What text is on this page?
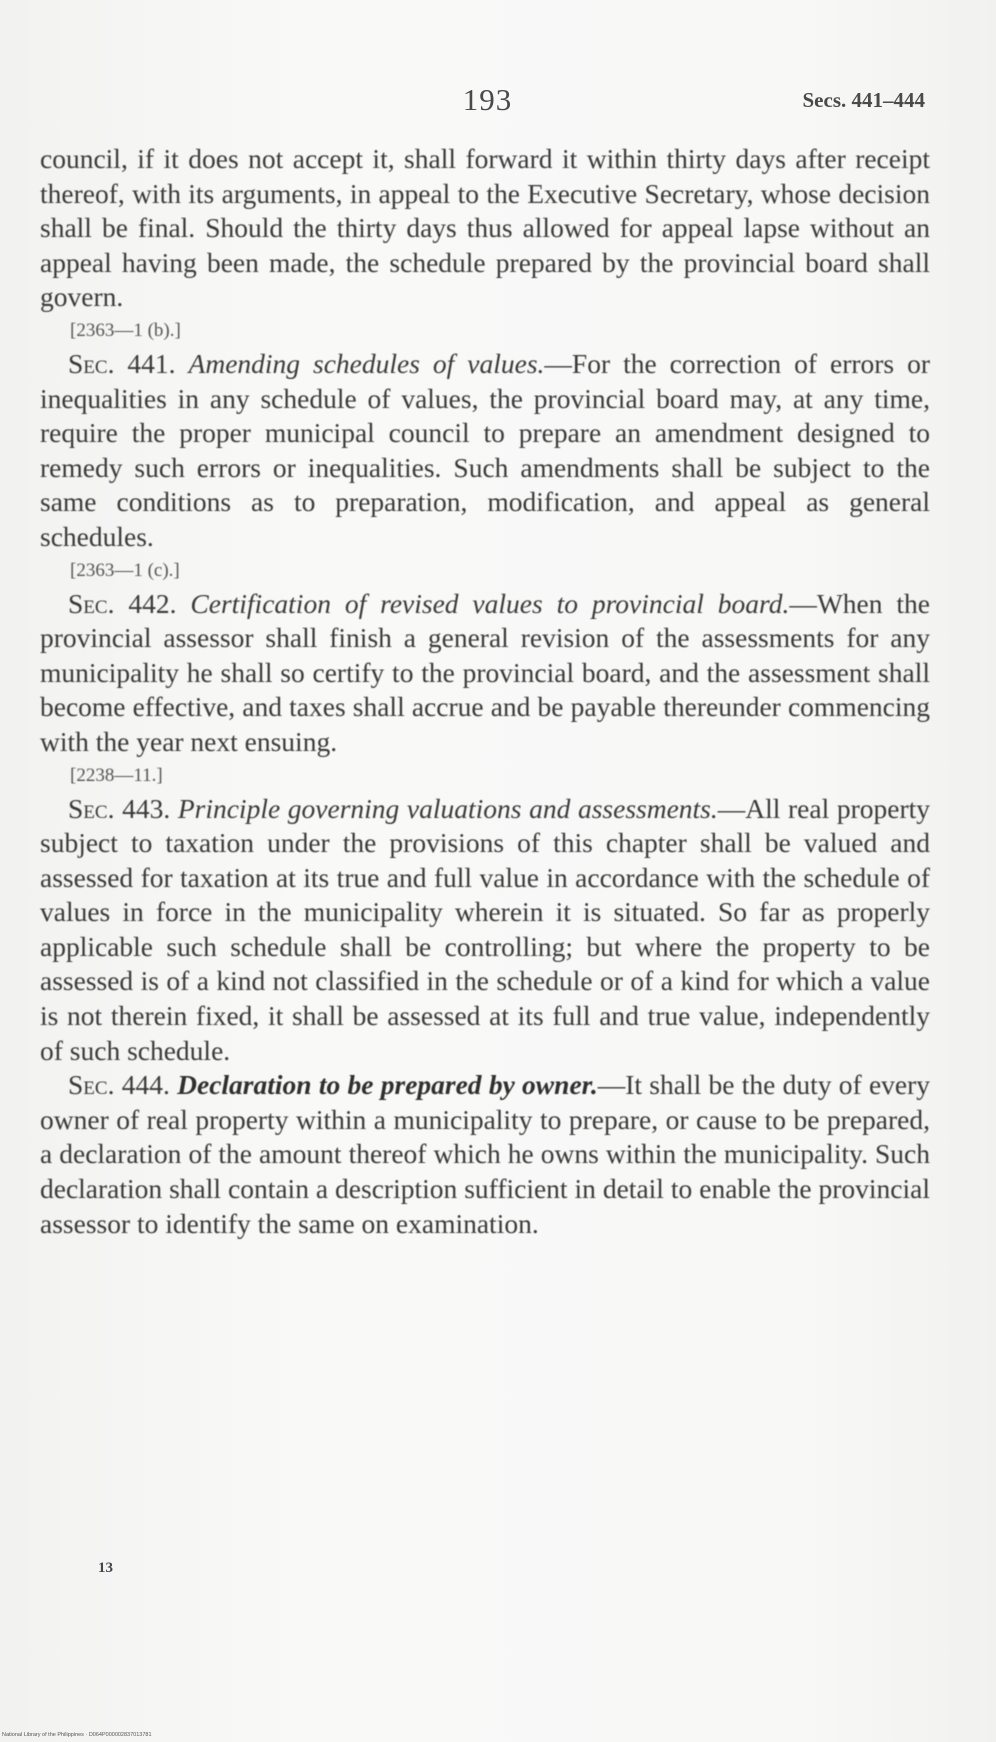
193	Secs. 441–444

council, if it does not accept it, shall forward it within thirty days after receipt thereof, with its arguments, in appeal to the Executive Secretary, whose decision shall be final. Should the thirty days thus allowed for appeal lapse without an appeal having been made, the schedule prepared by the provincial board shall govern.

[2363—1 (b).]

Sec. 441. Amending schedules of values.—For the correction of errors or inequalities in any schedule of values, the provincial board may, at any time, require the proper municipal council to prepare an amendment designed to remedy such errors or inequalities. Such amendments shall be subject to the same conditions as to preparation, modification, and appeal as general schedules.

[2363—1 (c).]

Sec. 442. Certification of revised values to provincial board.—When the provincial assessor shall finish a general revision of the assessments for any municipality he shall so certify to the provincial board, and the assessment shall become effective, and taxes shall accrue and be payable thereunder commencing with the year next ensuing.

[2238—11.]

Sec. 443. Principle governing valuations and assessments.—All real property subject to taxation under the provisions of this chapter shall be valued and assessed for taxation at its true and full value in accordance with the schedule of values in force in the municipality wherein it is situated. So far as properly applicable such schedule shall be controlling; but where the property to be assessed is of a kind not classified in the schedule or of a kind for which a value is not therein fixed, it shall be assessed at its full and true value, independently of such schedule.

Sec. 444. Declaration to be prepared by owner.—It shall be the duty of every owner of real property within a municipality to prepare, or cause to be prepared, a declaration of the amount thereof which he owns within the municipality. Such declaration shall contain a description sufficient in detail to enable the provincial assessor to identify the same on examination.

13
National Library of the Philippines · D064P000002837013781
